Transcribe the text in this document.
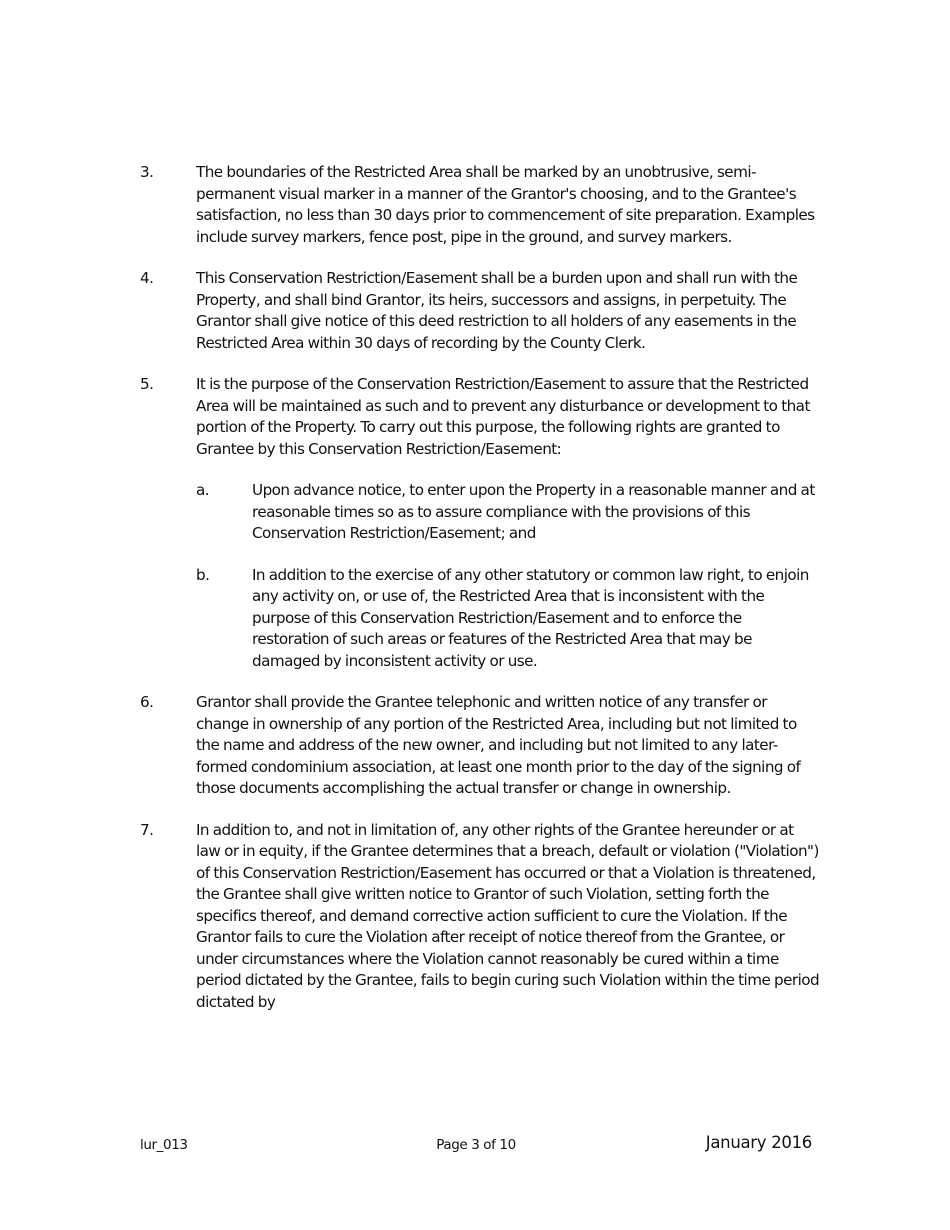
3.	The boundaries of the Restricted Area shall be marked by an unobtrusive, semi-permanent visual marker in a manner of the Grantor's choosing, and to the Grantee's satisfaction, no less than 30 days prior to commencement of site preparation. Examples include survey markers, fence post, pipe in the ground, and survey markers.
4.	This Conservation Restriction/Easement shall be a burden upon and shall run with the Property, and shall bind Grantor, its heirs, successors and assigns, in perpetuity. The Grantor shall give notice of this deed restriction to all holders of any easements in the Restricted Area within 30 days of recording by the County Clerk.
5.	It is the purpose of the Conservation Restriction/Easement to assure that the Restricted Area will be maintained as such and to prevent any disturbance or development to that portion of the Property. To carry out this purpose, the following rights are granted to Grantee by this Conservation Restriction/Easement:
a.	Upon advance notice, to enter upon the Property in a reasonable manner and at reasonable times so as to assure compliance with the provisions of this Conservation Restriction/Easement; and
b.	In addition to the exercise of any other statutory or common law right, to enjoin any activity on, or use of, the Restricted Area that is inconsistent with the purpose of this Conservation Restriction/Easement and to enforce the restoration of such areas or features of the Restricted Area that may be damaged by inconsistent activity or use.
6.	Grantor shall provide the Grantee telephonic and written notice of any transfer or change in ownership of any portion of the Restricted Area, including but not limited to the name and address of the new owner, and including but not limited to any later-formed condominium association, at least one month prior to the day of the signing of those documents accomplishing the actual transfer or change in ownership.
7.	In addition to, and not in limitation of, any other rights of the Grantee hereunder or at law or in equity, if the Grantee determines that a breach, default or violation ("Violation") of this Conservation Restriction/Easement has occurred or that a Violation is threatened, the Grantee shall give written notice to Grantor of such Violation, setting forth the specifics thereof, and demand corrective action sufficient to cure the Violation. If the Grantor fails to cure the Violation after receipt of notice thereof from the Grantee, or under circumstances where the Violation cannot reasonably be cured within a time period dictated by the Grantee, fails to begin curing such Violation within the time period dictated by
lur_013	Page 3 of 10	January 2016
